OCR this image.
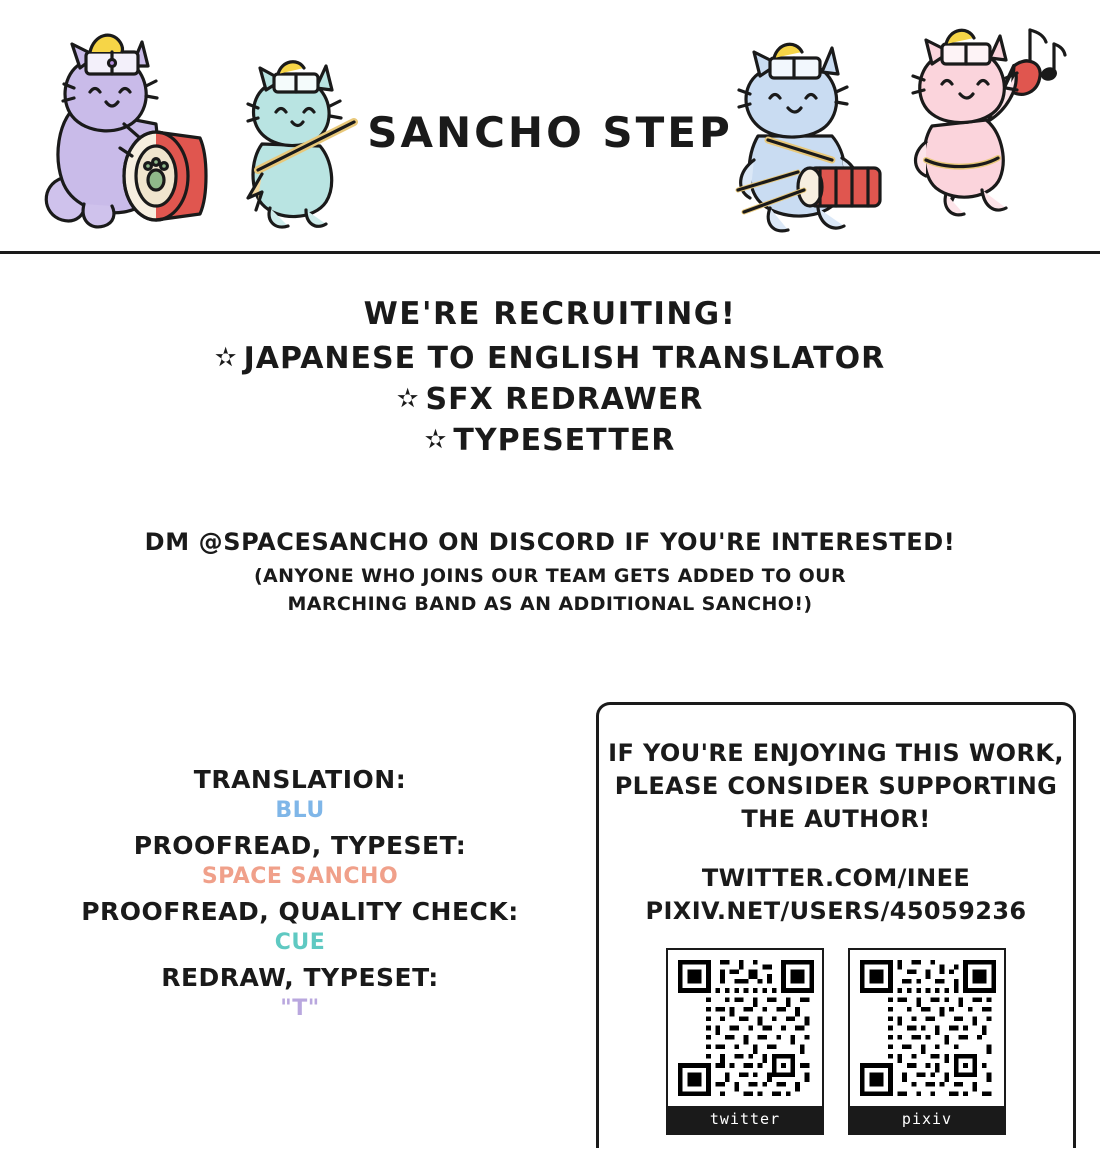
SANCHO STEP
WE'RE RECRUITING!
✫ JAPANESE TO ENGLISH TRANSLATOR
✫ SFX REDRAWER
✫ TYPESETTER
DM @SPACESANCHO ON DISCORD IF YOU'RE INTERESTED!
(ANYONE WHO JOINS OUR TEAM GETS ADDED TO OUR
MARCHING BAND AS AN ADDITIONAL SANCHO!)
TRANSLATION:
BLU
PROOFREAD, TYPESET:
SPACE SANCHO
PROOFREAD, QUALITY CHECK:
CUE
REDRAW, TYPESET:
"T"
IF YOU'RE ENJOYING THIS WORK,
PLEASE CONSIDER SUPPORTING
THE AUTHOR!
TWITTER.COM/INEE
PIXIV.NET/USERS/45059236
twitter	pixiv
